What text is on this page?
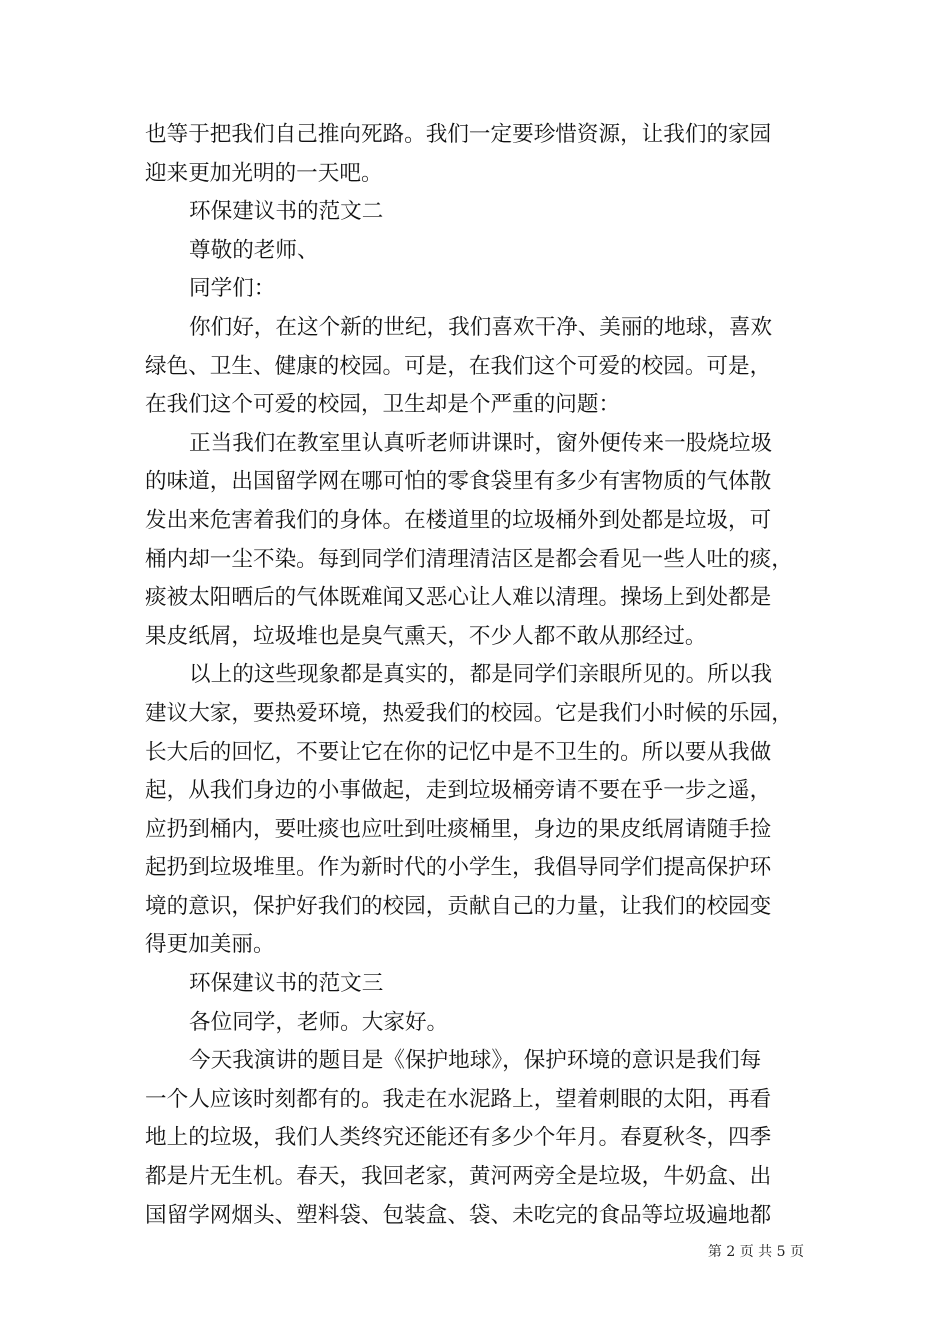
也等于把我们自己推向死路。我们一定要珍惜资源，让我们的家园
迎来更加光明的一天吧。
环保建议书的范文二
尊敬的老师、
同学们：
你们好，在这个新的世纪，我们喜欢干净、美丽的地球，喜欢
绿色、卫生、健康的校园。可是，在我们这个可爱的校园。可是，
在我们这个可爱的校园，卫生却是个严重的问题：
正当我们在教室里认真听老师讲课时，窗外便传来一股烧垃圾
的味道，出国留学网在哪可怕的零食袋里有多少有害物质的气体散
发出来危害着我们的身体。在楼道里的垃圾桶外到处都是垃圾，可
桶内却一尘不染。每到同学们清理清洁区是都会看见一些人吐的痰，
痰被太阳晒后的气体既难闻又恶心让人难以清理。操场上到处都是
果皮纸屑，垃圾堆也是臭气熏天，不少人都不敢从那经过。
以上的这些现象都是真实的，都是同学们亲眼所见的。所以我
建议大家，要热爱环境，热爱我们的校园。它是我们小时候的乐园，
长大后的回忆，不要让它在你的记忆中是不卫生的。所以要从我做
起，从我们身边的小事做起，走到垃圾桶旁请不要在乎一步之遥，
应扔到桶内，要吐痰也应吐到吐痰桶里，身边的果皮纸屑请随手捡
起扔到垃圾堆里。作为新时代的小学生，我倡导同学们提高保护环
境的意识，保护好我们的校园，贡献自己的力量，让我们的校园变
得更加美丽。
环保建议书的范文三
各位同学，老师。大家好。
今天我演讲的题目是《保护地球》，保护环境的意识是我们每
一个人应该时刻都有的。我走在水泥路上，望着刺眼的太阳，再看
地上的垃圾，我们人类终究还能还有多少个年月。春夏秋冬，四季
都是片无生机。春天，我回老家，黄河两旁全是垃圾，牛奶盒、出
国留学网烟头、塑料袋、包装盒、袋、未吃完的食品等垃圾遍地都
第 2 页 共 5 页
